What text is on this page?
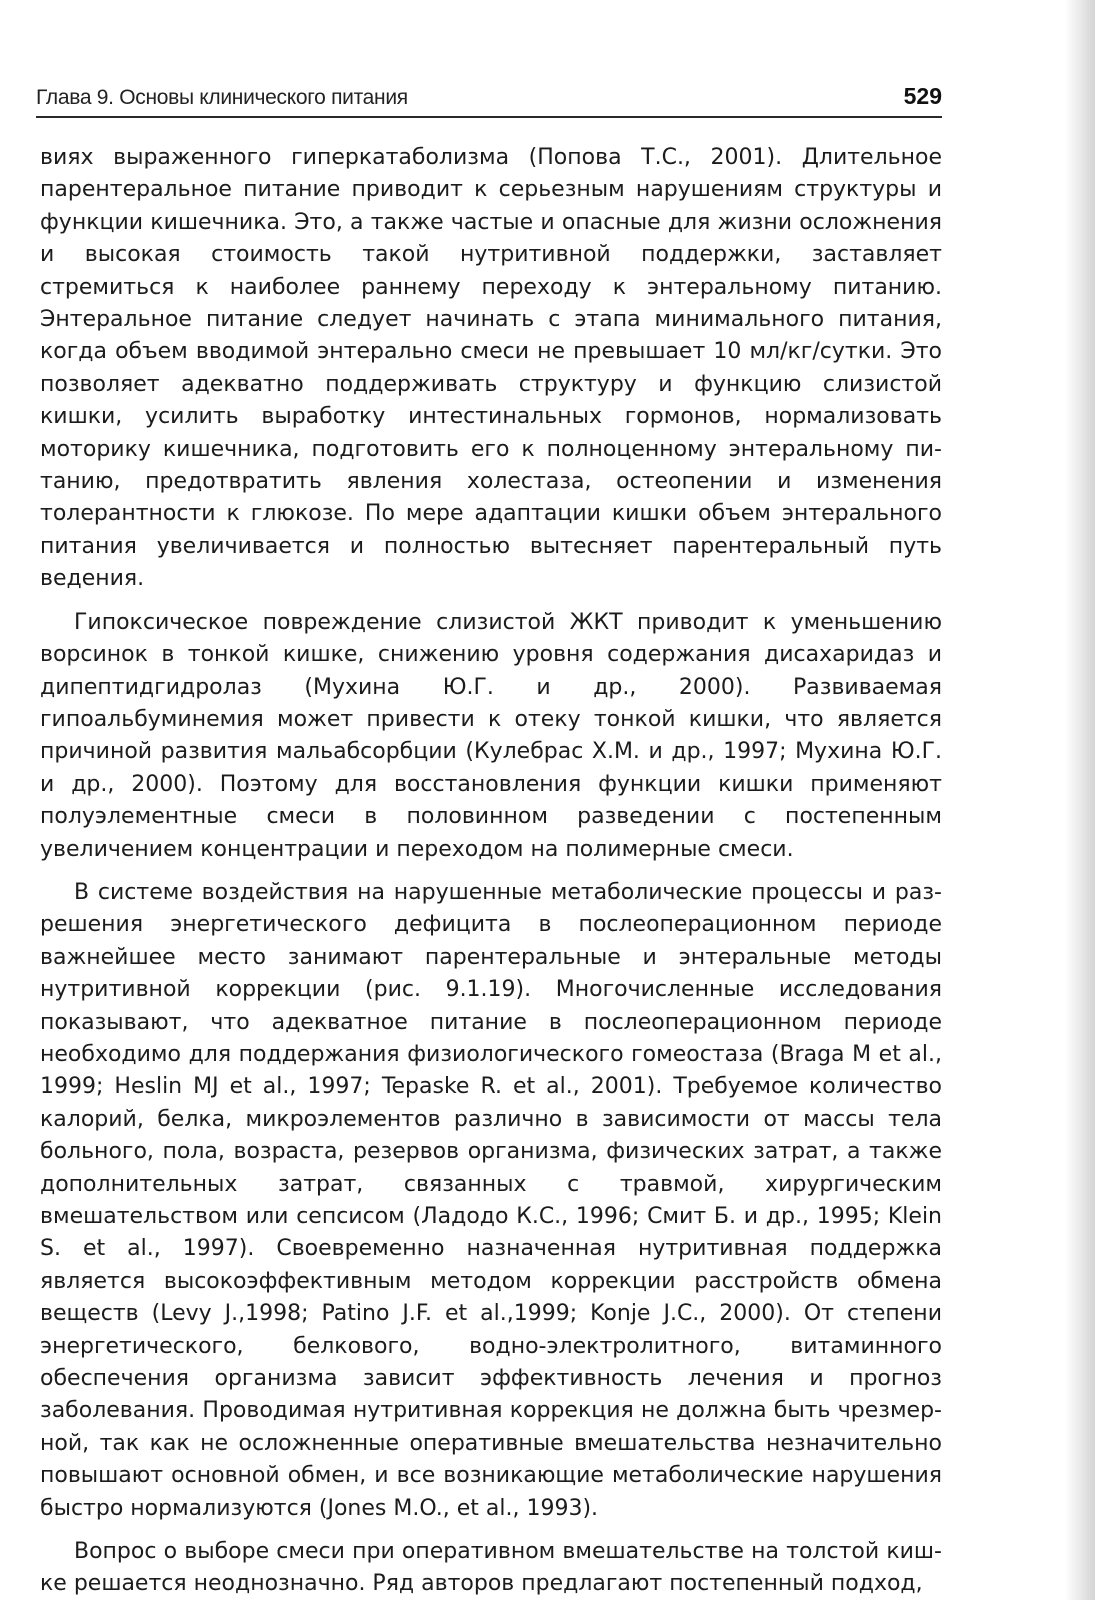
Глава 9. Основы клинического питания	529

виях выраженного гиперкатаболизма (Попова Т.С., 2001). Длительное парентеральное питание приводит к серьезным нарушениям структуры и функции кишечника. Это, а также частые и опасные для жизни осложнения и высокая стоимость такой нутритивной поддержки, заставляет стремиться к наиболее раннему переходу к энтеральному питанию. Энтеральное питание следует начинать с этапа минимального питания, когда объем вводимой энтерально смеси не превышает 10 мл/кг/сутки. Это позволяет адекватно поддерживать структуру и функцию слизистой кишки, усилить выработку интестинальных гормонов, нормализовать моторику кишечника, подготовить его к полноценному энтеральному питанию, предотвратить явления холестаза, остеопении и изменения толерантности к глюкозе. По мере адаптации кишки объем энтерального питания увеличивается и полностью вытесняет парентеральный путь ведения.

Гипоксическое повреждение слизистой ЖКТ приводит к уменьшению ворсинок в тонкой кишке, снижению уровня содержания дисахаридаз и дипептидгидролаз (Мухина Ю.Г. и др., 2000). Развиваемая гипоальбуминемия может привести к отеку тонкой кишки, что является причиной развития мальабсорбции (Кулебрас Х.М. и др., 1997; Мухина Ю.Г. и др., 2000). Поэтому для восстановления функции кишки применяют полуэлементные смеси в половинном разведении с постепенным увеличением концентрации и переходом на полимерные смеси.

В системе воздействия на нарушенные метаболические процессы и разрешения энергетического дефицита в послеоперационном периоде важнейшее место занимают парентеральные и энтеральные методы нутритивной коррекции (рис. 9.1.19). Многочисленные исследования показывают, что адекватное питание в послеоперационном периоде необходимо для поддержания физиологического гомеостаза (Braga M et al., 1999; Heslin MJ et al., 1997; Tepaske R. et al., 2001). Требуемое количество калорий, белка, микроэлементов различно в зависимости от массы тела больного, пола, возраста, резервов организма, физических затрат, а также дополнительных затрат, связанных с травмой, хирургическим вмешательством или сепсисом (Ладодо К.С., 1996; Смит Б. и др., 1995; Klein S. et al., 1997). Своевременно назначенная нутритивная поддержка является высокоэффективным методом коррекции расстройств обмена веществ (Levy J.,1998; Patino J.F. et al.,1999; Konje J.C., 2000). От степени энергетического, белкового, водно-электролитного, витаминного обеспечения организма зависит эффективность лечения и прогноз заболевания. Проводимая нутритивная коррекция не должна быть чрезмерной, так как не осложненные оперативные вмешательства незначительно повышают основной обмен, и все возникающие метаболические нарушения быстро нормализуются (Jones M.O., et al., 1993).

Вопрос о выборе смеси при оперативном вмешательстве на толстой кишке решается неоднозначно. Ряд авторов предлагают постепенный подход,
